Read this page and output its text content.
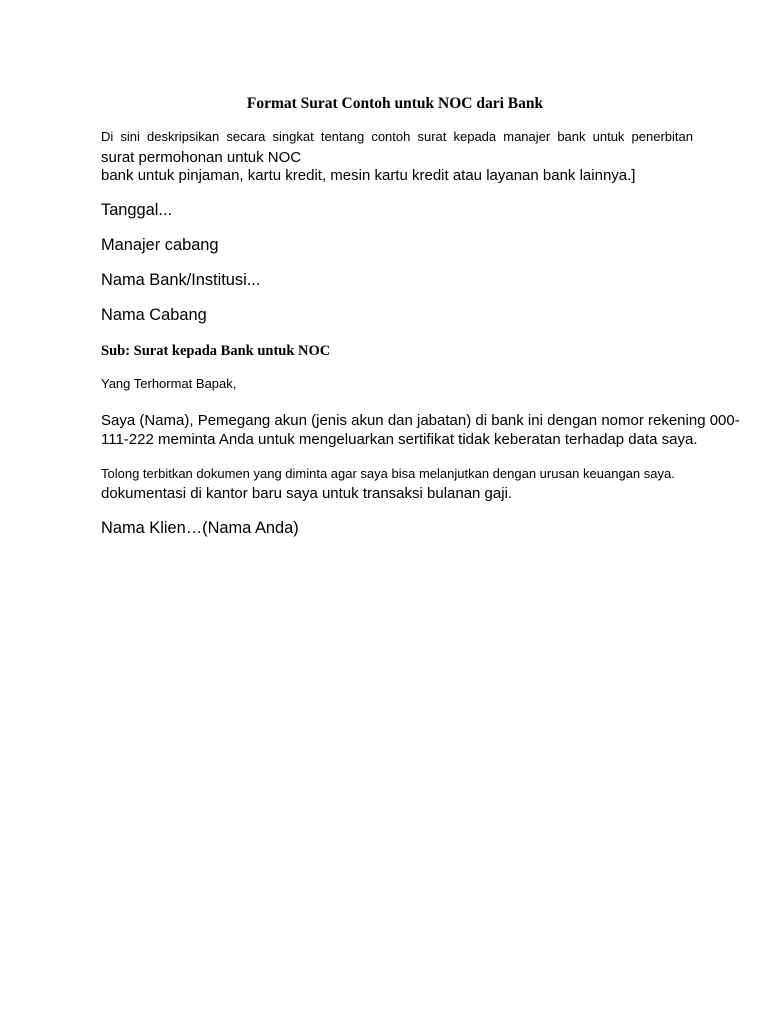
Format Surat Contoh untuk NOC dari Bank
Di sini deskripsikan secara singkat tentang contoh surat kepada manajer bank untuk penerbitan
surat permohonan untuk NOC
bank untuk pinjaman, kartu kredit, mesin kartu kredit atau layanan bank lainnya.]
Tanggal...
Manajer cabang
Nama Bank/Institusi...
Nama Cabang
Sub: Surat kepada Bank untuk NOC
Yang Terhormat Bapak,
Saya (Nama), Pemegang akun (jenis akun dan jabatan) di bank ini dengan nomor rekening 000-
111-222 meminta Anda untuk mengeluarkan sertifikat tidak keberatan terhadap data saya.
Tolong terbitkan dokumen yang diminta agar saya bisa melanjutkan dengan urusan keuangan saya.
dokumentasi di kantor baru saya untuk transaksi bulanan gaji.
Nama Klien…(Nama Anda)
